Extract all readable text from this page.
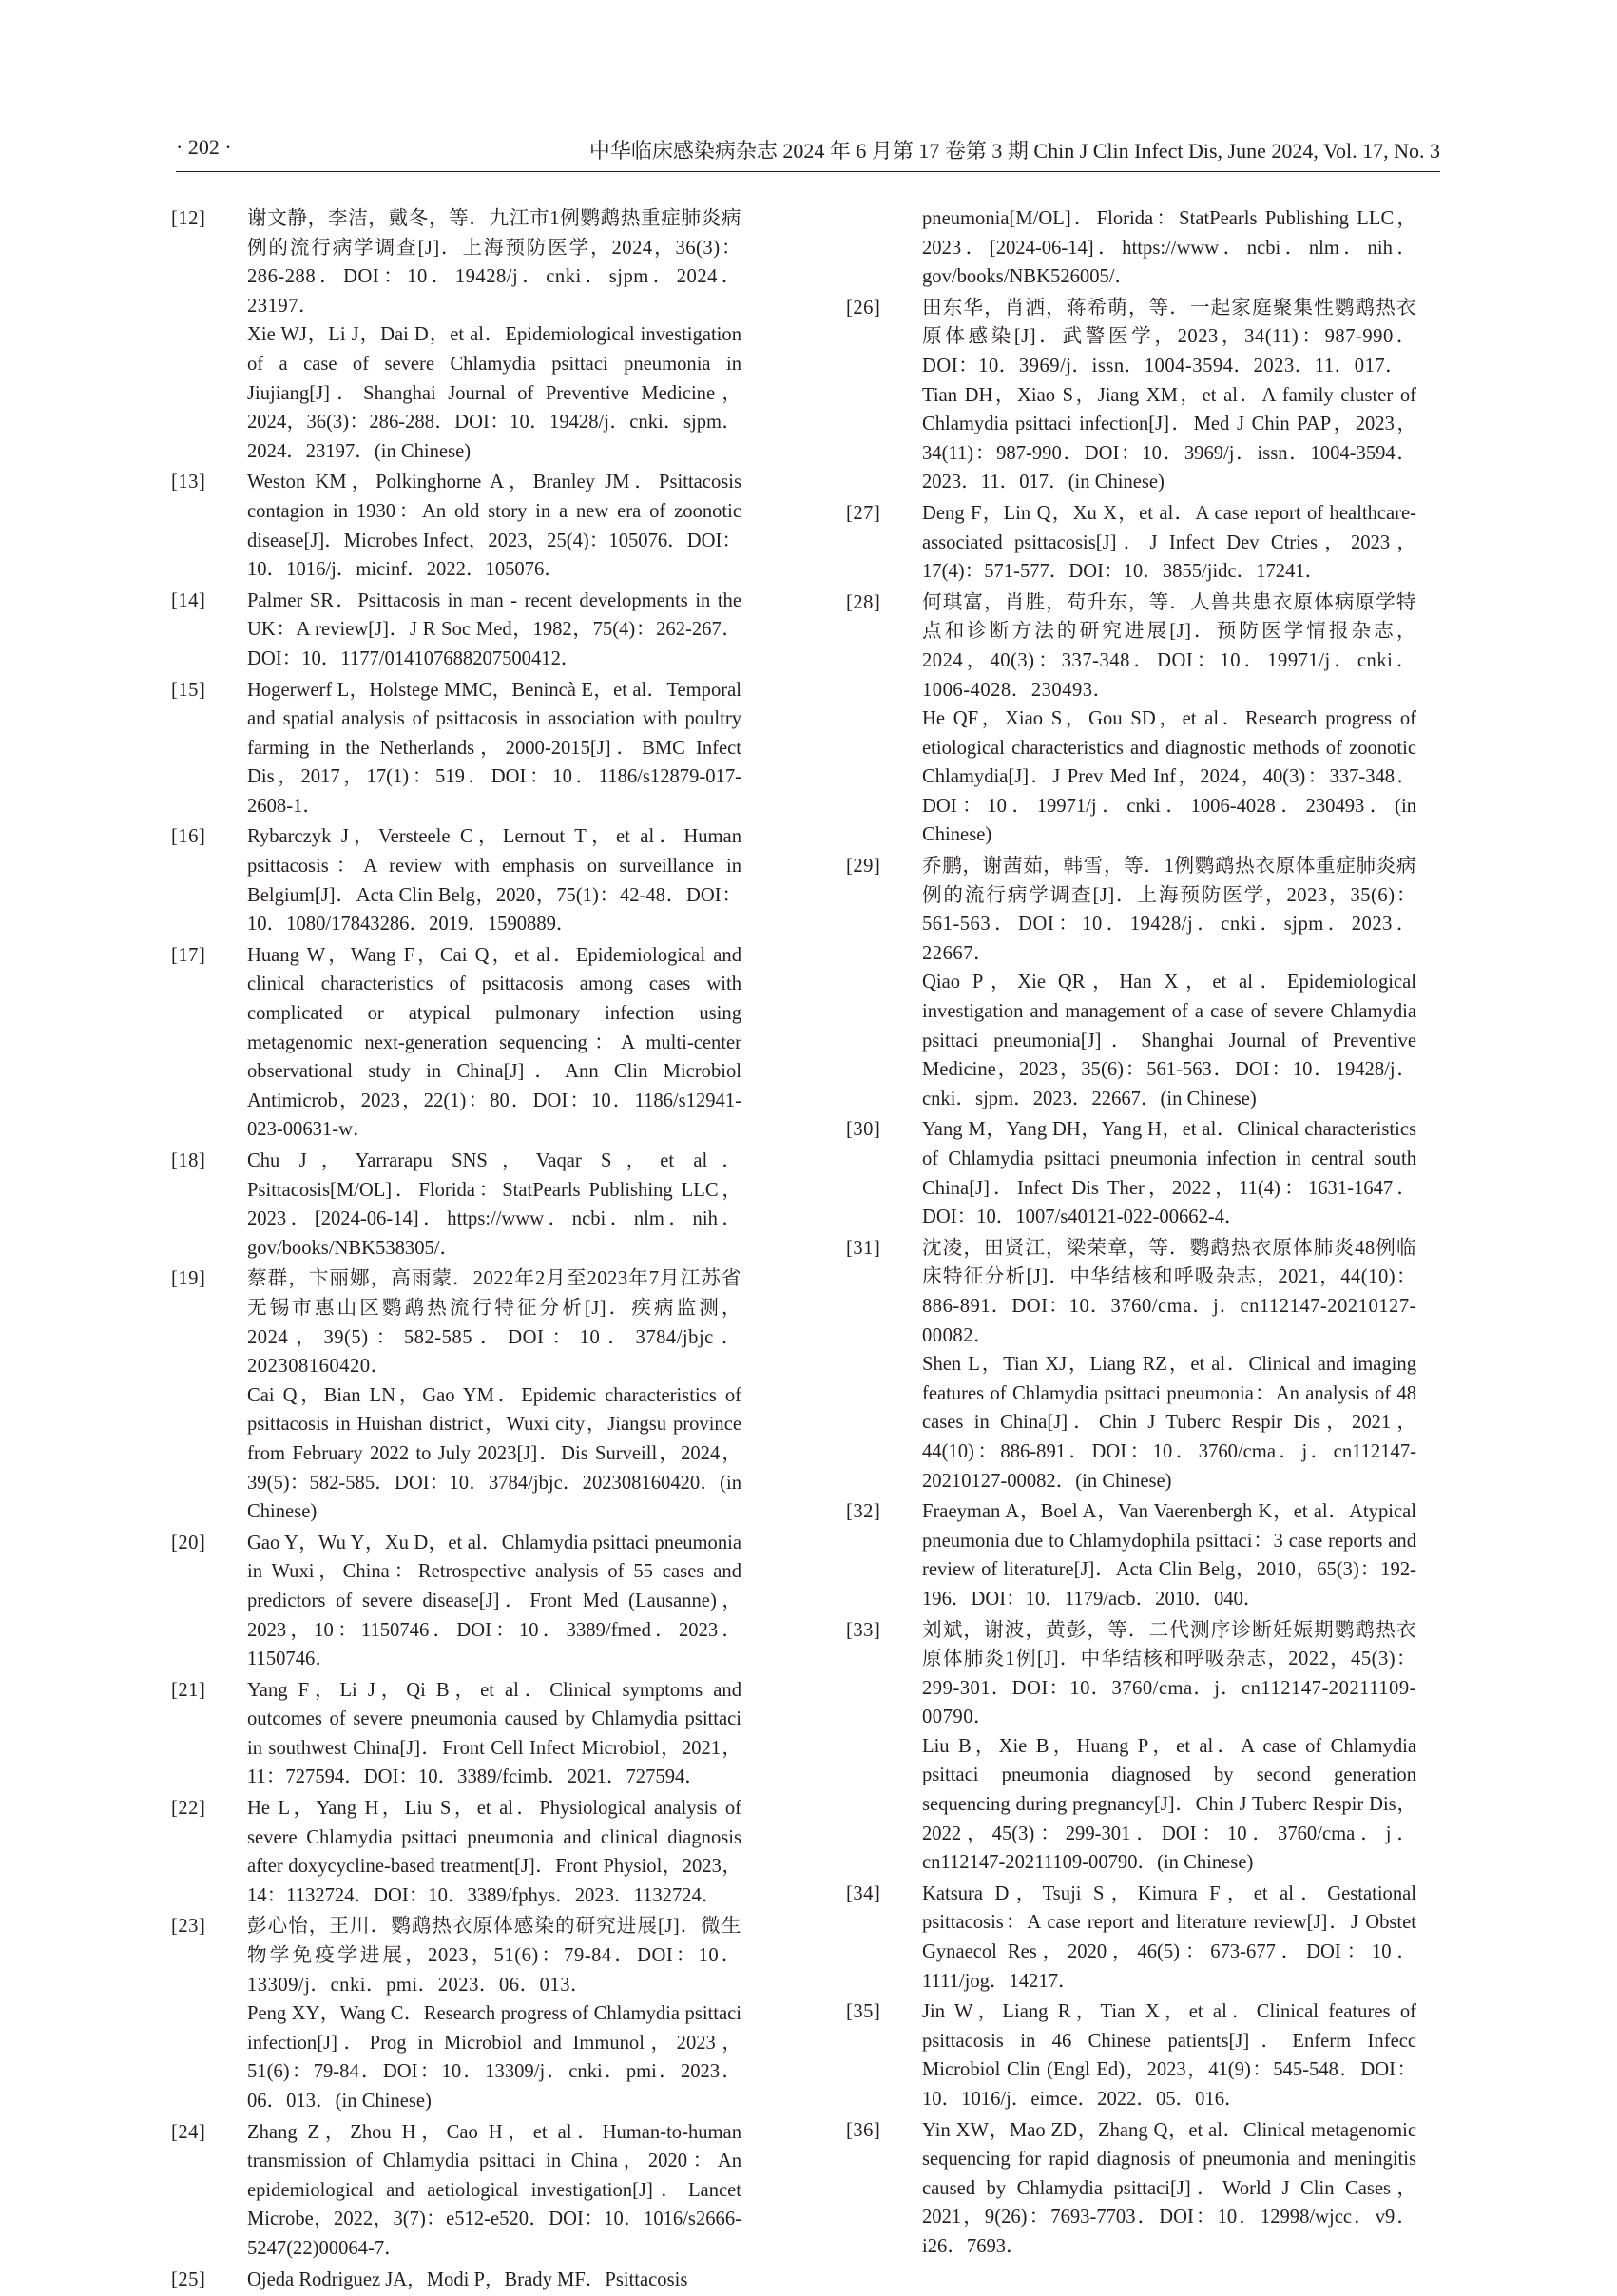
· 202 ·	中华临床感染病杂志 2024 年 6 月第 17 卷第 3 期 Chin J Clin Infect Dis, June 2024, Vol. 17, No. 3
[12]	谢文静，李洁，戴冬，等．九江市1例鹦鹉热重症肺炎病例的流行病学调查[J]．上海预防医学，2024，36(3)：286-288．DOI：10．19428/j．cnki．sjpm．2024．23197．
Xie WJ，Li J，Dai D，et al．Epidemiological investigation of a case of severe Chlamydia psittaci pneumonia in Jiujiang[J]．Shanghai Journal of Preventive Medicine，2024，36(3)：286-288．DOI：10．19428/j．cnki．sjpm．2024．23197．(in Chinese)
[13]	Weston KM，Polkinghorne A，Branley JM．Psittacosis contagion in 1930：An old story in a new era of zoonotic disease[J]．Microbes Infect，2023，25(4)：105076．DOI：10．1016/j．micinf．2022．105076．
[14]	Palmer SR．Psittacosis in man - recent developments in the UK：A review[J]．J R Soc Med，1982，75(4)：262-267．DOI：10．1177/014107688207500412．
[15]	Hogerwerf L，Holstege MMC，Benincà E，et al．Temporal and spatial analysis of psittacosis in association with poultry farming in the Netherlands，2000-2015[J]．BMC Infect Dis，2017，17(1)：519．DOI：10．1186/s12879-017-2608-1．
[16]	Rybarczyk J，Versteele C，Lernout T，et al．Human psittacosis：A review with emphasis on surveillance in Belgium[J]．Acta Clin Belg，2020，75(1)：42-48．DOI：10．1080/17843286．2019．1590889．
[17]	Huang W，Wang F，Cai Q，et al．Epidemiological and clinical characteristics of psittacosis among cases with complicated or atypical pulmonary infection using metagenomic next-generation sequencing：A multi-center observational study in China[J]．Ann Clin Microbiol Antimicrob，2023，22(1)：80．DOI：10．1186/s12941-023-00631-w．
[18]	Chu J，Yarrarapu SNS，Vaqar S，et al．Psittacosis[M/OL]．Florida：StatPearls Publishing LLC，2023．[2024-06-14]．https://www．ncbi．nlm．nih．gov/books/NBK538305/．
[19]	蔡群，卞丽娜，高雨蒙．2022年2月至2023年7月江苏省无锡市惠山区鹦鹉热流行特征分析[J]．疾病监测，2024，39(5)：582-585．DOI：10．3784/jbjc．202308160420．
Cai Q，Bian LN，Gao YM．Epidemic characteristics of psittacosis in Huishan district，Wuxi city，Jiangsu province from February 2022 to July 2023[J]．Dis Surveill，2024，39(5)：582-585．DOI：10．3784/jbjc．202308160420．(in Chinese)
[20]	Gao Y，Wu Y，Xu D，et al．Chlamydia psittaci pneumonia in Wuxi，China：Retrospective analysis of 55 cases and predictors of severe disease[J]．Front Med (Lausanne)，2023，10：1150746．DOI：10．3389/fmed．2023．1150746．
[21]	Yang F，Li J，Qi B，et al．Clinical symptoms and outcomes of severe pneumonia caused by Chlamydia psittaci in southwest China[J]．Front Cell Infect Microbiol，2021，11：727594．DOI：10．3389/fcimb．2021．727594．
[22]	He L，Yang H，Liu S，et al．Physiological analysis of severe Chlamydia psittaci pneumonia and clinical diagnosis after doxycycline-based treatment[J]．Front Physiol，2023，14：1132724．DOI：10．3389/fphys．2023．1132724．
[23]	彭心怡，王川．鹦鹉热衣原体感染的研究进展[J]．微生物学免疫学进展，2023，51(6)：79-84．DOI：10．13309/j．cnki．pmi．2023．06．013．
Peng XY，Wang C．Research progress of Chlamydia psittaci infection[J]．Prog in Microbiol and Immunol，2023，51(6)：79-84．DOI：10．13309/j．cnki．pmi．2023．06．013．(in Chinese)
[24]	Zhang Z，Zhou H，Cao H，et al．Human-to-human transmission of Chlamydia psittaci in China，2020：An epidemiological and aetiological investigation[J]．Lancet Microbe，2022，3(7)：e512-e520．DOI：10．1016/s2666-5247(22)00064-7．
[25]	Ojeda Rodriguez JA，Modi P，Brady MF．Psittacosis
pneumonia[M/OL]．Florida：StatPearls Publishing LLC，2023．[2024-06-14]．https://www．ncbi．nlm．nih．gov/books/NBK526005/．
[26]	田东华，肖洒，蒋希萌，等．一起家庭聚集性鹦鹉热衣原体感染[J]．武警医学，2023，34(11)：987-990．DOI：10．3969/j．issn．1004-3594．2023．11．017．
Tian DH，Xiao S，Jiang XM，et al．A family cluster of Chlamydia psittaci infection[J]．Med J Chin PAP，2023，34(11)：987-990．DOI：10．3969/j．issn．1004-3594．2023．11．017．(in Chinese)
[27]	Deng F，Lin Q，Xu X，et al．A case report of healthcare-associated psittacosis[J]．J Infect Dev Ctries，2023，17(4)：571-577．DOI：10．3855/jidc．17241．
[28]	何琪富，肖胜，苟升东，等．人兽共患衣原体病原学特点和诊断方法的研究进展[J]．预防医学情报杂志，2024，40(3)：337-348．DOI：10．19971/j．cnki．1006-4028．230493．
He QF，Xiao S，Gou SD，et al．Research progress of etiological characteristics and diagnostic methods of zoonotic Chlamydia[J]．J Prev Med Inf，2024，40(3)：337-348．DOI：10．19971/j．cnki．1006-4028．230493．(in Chinese)
[29]	乔鹏，谢茜茹，韩雪，等．1例鹦鹉热衣原体重症肺炎病例的流行病学调查[J]．上海预防医学，2023，35(6)：561-563．DOI：10．19428/j．cnki．sjpm．2023．22667．
Qiao P，Xie QR，Han X，et al．Epidemiological investigation and management of a case of severe Chlamydia psittaci pneumonia[J]．Shanghai Journal of Preventive Medicine，2023，35(6)：561-563．DOI：10．19428/j．cnki．sjpm．2023．22667．(in Chinese)
[30]	Yang M，Yang DH，Yang H，et al．Clinical characteristics of Chlamydia psittaci pneumonia infection in central south China[J]．Infect Dis Ther，2022，11(4)：1631-1647．DOI：10．1007/s40121-022-00662-4．
[31]	沈凌，田贤江，梁荣章，等．鹦鹉热衣原体肺炎48例临床特征分析[J]．中华结核和呼吸杂志，2021，44(10)：886-891．DOI：10．3760/cma．j．cn112147-20210127-00082．
Shen L，Tian XJ，Liang RZ，et al．Clinical and imaging features of Chlamydia psittaci pneumonia：An analysis of 48 cases in China[J]．Chin J Tuberc Respir Dis，2021，44(10)：886-891．DOI：10．3760/cma．j．cn112147-20210127-00082．(in Chinese)
[32]	Fraeyman A，Boel A，Van Vaerenbergh K，et al．Atypical pneumonia due to Chlamydophila psittaci：3 case reports and review of literature[J]．Acta Clin Belg，2010，65(3)：192-196．DOI：10．1179/acb．2010．040．
[33]	刘斌，谢波，黄彭，等．二代测序诊断妊娠期鹦鹉热衣原体肺炎1例[J]．中华结核和呼吸杂志，2022，45(3)：299-301．DOI：10．3760/cma．j．cn112147-20211109-00790．
Liu B，Xie B，Huang P，et al．A case of Chlamydia psittaci pneumonia diagnosed by second generation sequencing during pregnancy[J]．Chin J Tuberc Respir Dis，2022，45(3)：299-301．DOI：10．3760/cma．j．cn112147-20211109-00790．(in Chinese)
[34]	Katsura D，Tsuji S，Kimura F，et al．Gestational psittacosis：A case report and literature review[J]．J Obstet Gynaecol Res，2020，46(5)：673-677．DOI：10．1111/jog．14217．
[35]	Jin W，Liang R，Tian X，et al．Clinical features of psittacosis in 46 Chinese patients[J]．Enferm Infecc Microbiol Clin (Engl Ed)，2023，41(9)：545-548．DOI：10．1016/j．eimce．2022．05．016．
[36]	Yin XW，Mao ZD，Zhang Q，et al．Clinical metagenomic sequencing for rapid diagnosis of pneumonia and meningitis caused by Chlamydia psittaci[J]．World J Clin Cases，2021，9(26)：7693-7703．DOI：10．12998/wjcc．v9．i26．7693．
